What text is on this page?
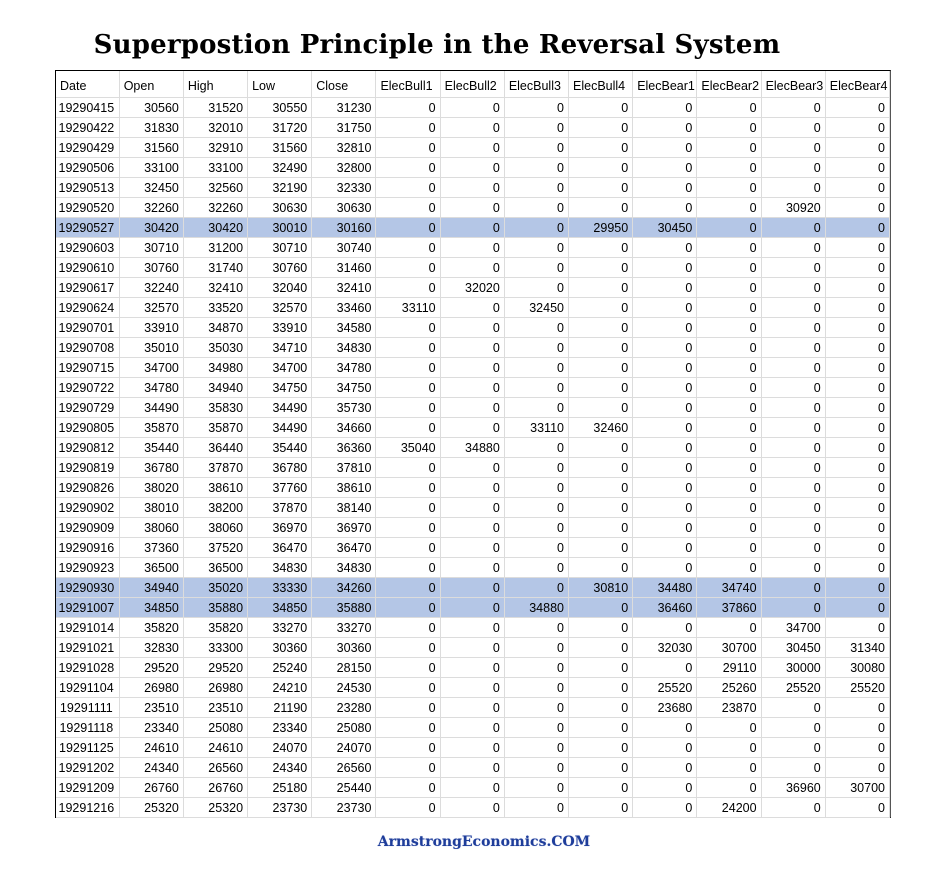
Superpostion Principle in the Reversal System
Date	Open	High	Low	Close	ElecBull1	ElecBull2	ElecBull3	ElecBull4	ElecBear1	ElecBear2	ElecBear3	ElecBear4
19290415	30560	31520	30550	31230	0	0	0	0	0	0	0	0
19290422	31830	32010	31720	31750	0	0	0	0	0	0	0	0
19290429	31560	32910	31560	32810	0	0	0	0	0	0	0	0
19290506	33100	33100	32490	32800	0	0	0	0	0	0	0	0
19290513	32450	32560	32190	32330	0	0	0	0	0	0	0	0
19290520	32260	32260	30630	30630	0	0	0	0	0	0	30920	0
19290527	30420	30420	30010	30160	0	0	0	29950	30450	0	0	0
19290603	30710	31200	30710	30740	0	0	0	0	0	0	0	0
19290610	30760	31740	30760	31460	0	0	0	0	0	0	0	0
19290617	32240	32410	32040	32410	0	32020	0	0	0	0	0	0
19290624	32570	33520	32570	33460	33110	0	32450	0	0	0	0	0
19290701	33910	34870	33910	34580	0	0	0	0	0	0	0	0
19290708	35010	35030	34710	34830	0	0	0	0	0	0	0	0
19290715	34700	34980	34700	34780	0	0	0	0	0	0	0	0
19290722	34780	34940	34750	34750	0	0	0	0	0	0	0	0
19290729	34490	35830	34490	35730	0	0	0	0	0	0	0	0
19290805	35870	35870	34490	34660	0	0	33110	32460	0	0	0	0
19290812	35440	36440	35440	36360	35040	34880	0	0	0	0	0	0
19290819	36780	37870	36780	37810	0	0	0	0	0	0	0	0
19290826	38020	38610	37760	38610	0	0	0	0	0	0	0	0
19290902	38010	38200	37870	38140	0	0	0	0	0	0	0	0
19290909	38060	38060	36970	36970	0	0	0	0	0	0	0	0
19290916	37360	37520	36470	36470	0	0	0	0	0	0	0	0
19290923	36500	36500	34830	34830	0	0	0	0	0	0	0	0
19290930	34940	35020	33330	34260	0	0	0	30810	34480	34740	0	0
19291007	34850	35880	34850	35880	0	0	34880	0	36460	37860	0	0
19291014	35820	35820	33270	33270	0	0	0	0	0	0	34700	0
19291021	32830	33300	30360	30360	0	0	0	0	32030	30700	30450	31340
19291028	29520	29520	25240	28150	0	0	0	0	0	29110	30000	30080
19291104	26980	26980	24210	24530	0	0	0	0	25520	25260	25520	25520
19291111	23510	23510	21190	23280	0	0	0	0	23680	23870	0	0
19291118	23340	25080	23340	25080	0	0	0	0	0	0	0	0
19291125	24610	24610	24070	24070	0	0	0	0	0	0	0	0
19291202	24340	26560	24340	26560	0	0	0	0	0	0	0	0
19291209	26760	26760	25180	25440	0	0	0	0	0	0	36960	30700
19291216	25320	25320	23730	23730	0	0	0	0	0	24200	0	0
ArmstrongEconomics.COM
